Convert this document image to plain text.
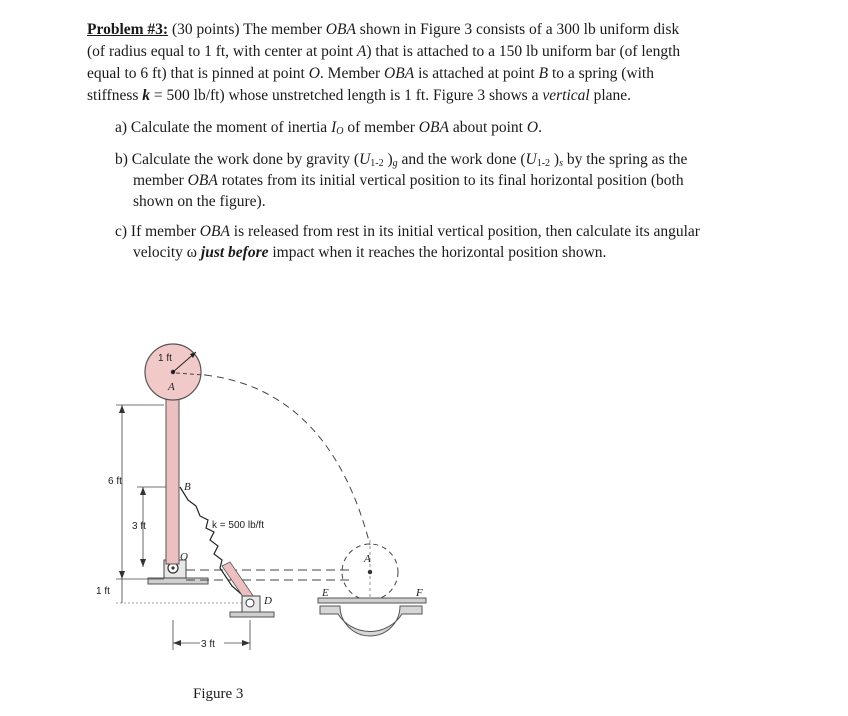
Problem #3: (30 points) The member OBA shown in Figure 3 consists of a 300 lb uniform disk
(of radius equal to 1 ft, with center at point A) that is attached to a 150 lb uniform bar (of length
equal to 6 ft) that is pinned at point O. Member OBA is attached at point B to a spring (with
stiffness k = 500 lb/ft) whose unstretched length is 1 ft. Figure 3 shows a vertical plane.
a) Calculate the moment of inertia $I_O$ of member OBA about point O.
b) Calculate the work done by gravity ($U_{1-2}$ )$_g$ and the work done ($U_{1-2}$ )$_s$ by the spring as the
member OBA rotates from its initial vertical position to its final horizontal position (both
shown on the figure).
c) If member OBA is released from rest in its initial vertical position, then calculate its angular
velocity ω just before impact when it reaches the horizontal position shown.
1 ft
A
B
O
D
E	F
A
6 ft
3 ft
1 ft
3 ft
k = 500 lb/ft
Figure 3
